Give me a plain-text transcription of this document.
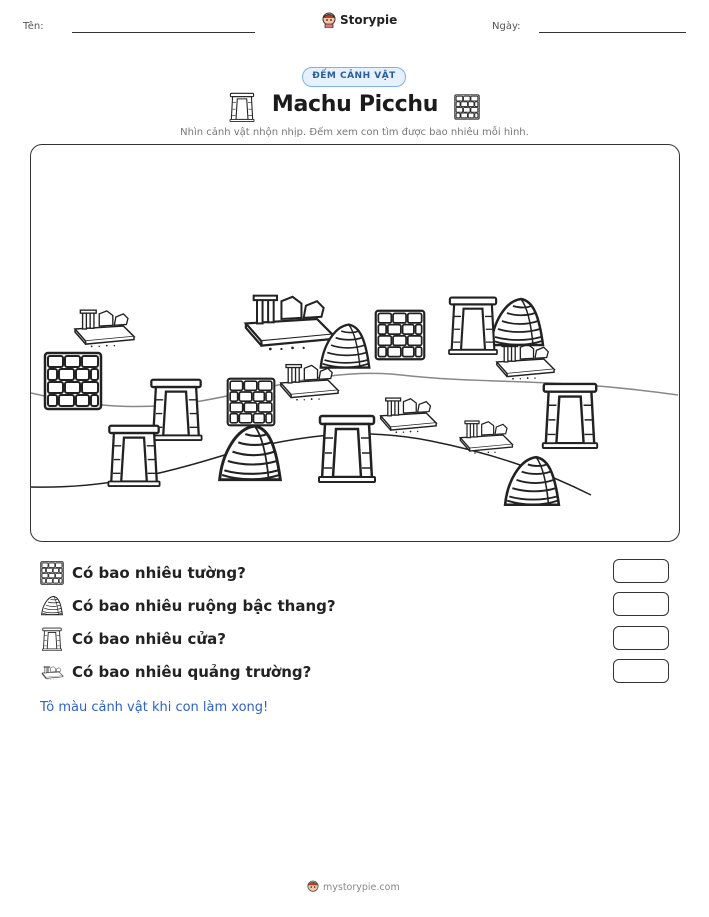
Tên:	Storypie	Ngày:
ĐẾM CẢNH VẬT
Machu Picchu
Nhìn cảnh vật nhộn nhịp. Đếm xem con tìm được bao nhiêu mỗi hình.
Có bao nhiêu tường?
Có bao nhiêu ruộng bậc thang?
Có bao nhiêu cửa?
Có bao nhiêu quảng trường?
Tô màu cảnh vật khi con làm xong!
mystorypie.com
